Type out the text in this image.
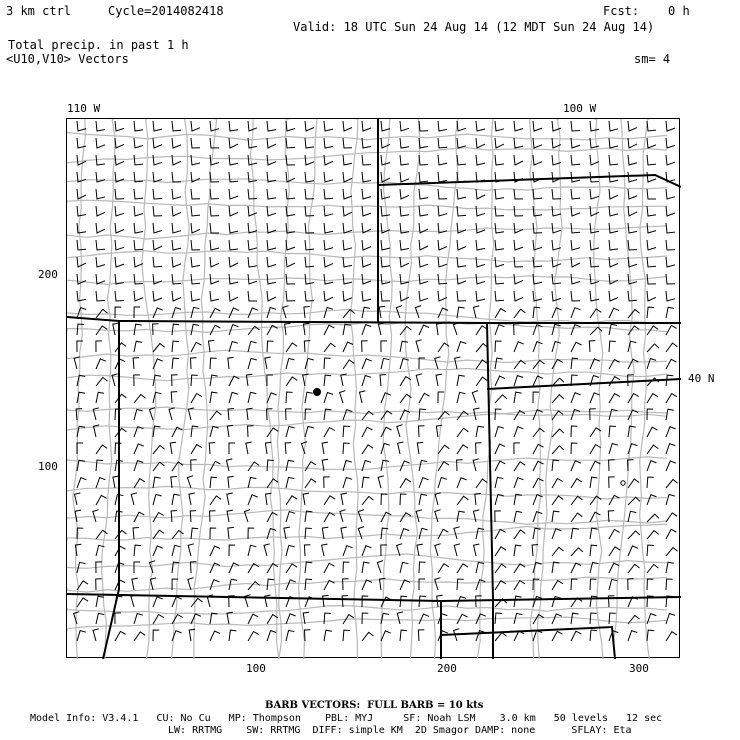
3 km ctrl	Cycle=2014082418	Fcst:    0 h
Valid: 18 UTC Sun 24 Aug 14 (12 MDT Sun 24 Aug 14)
Total precip. in past 1 h
<U10,V10> Vectors	sm= 4
110 W	100 W
40 N
200
100
100	200	300
BARB VECTORS:  FULL BARB = 10 kts
Model Info: V3.4.1   CU: No Cu   MP: Thompson    PBL: MYJ     SF: Noah LSM    3.0 km   50 levels   12 sec
LW: RRTMG    SW: RRTMG  DIFF: simple KM  2D Smagor DAMP: none      SFLAY: Eta
